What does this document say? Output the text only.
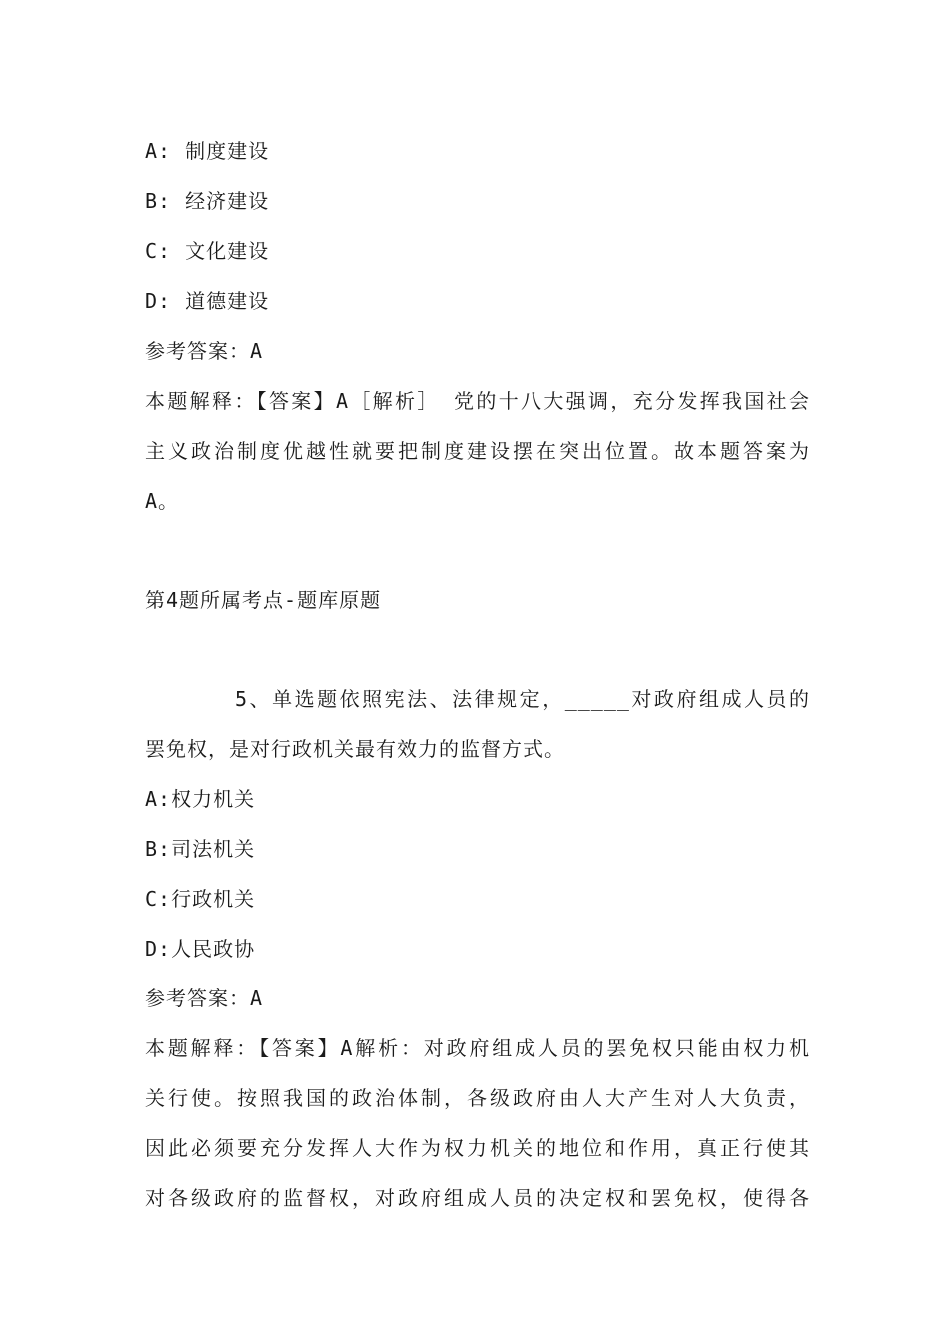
A: 制度建设
B: 经济建设
C: 文化建设
D: 道德建设
参考答案：A
本题解释：【答案】A［解析］ 党的十八大强调，充分发挥我国社会
主义政治制度优越性就要把制度建设摆在突出位置。故本题答案为
A。
第4题所属考点-题库原题
5、单选题依照宪法、法律规定，_____对政府组成人员的
罢免权，是对行政机关最有效力的监督方式。
A:权力机关
B:司法机关
C:行政机关
D:人民政协
参考答案：A
本题解释：【答案】A解析：对政府组成人员的罢免权只能由权力机
关行使。按照我国的政治体制，各级政府由人大产生对人大负责，
因此必须要充分发挥人大作为权力机关的地位和作用，真正行使其
对各级政府的监督权，对政府组成人员的决定权和罢免权，使得各
